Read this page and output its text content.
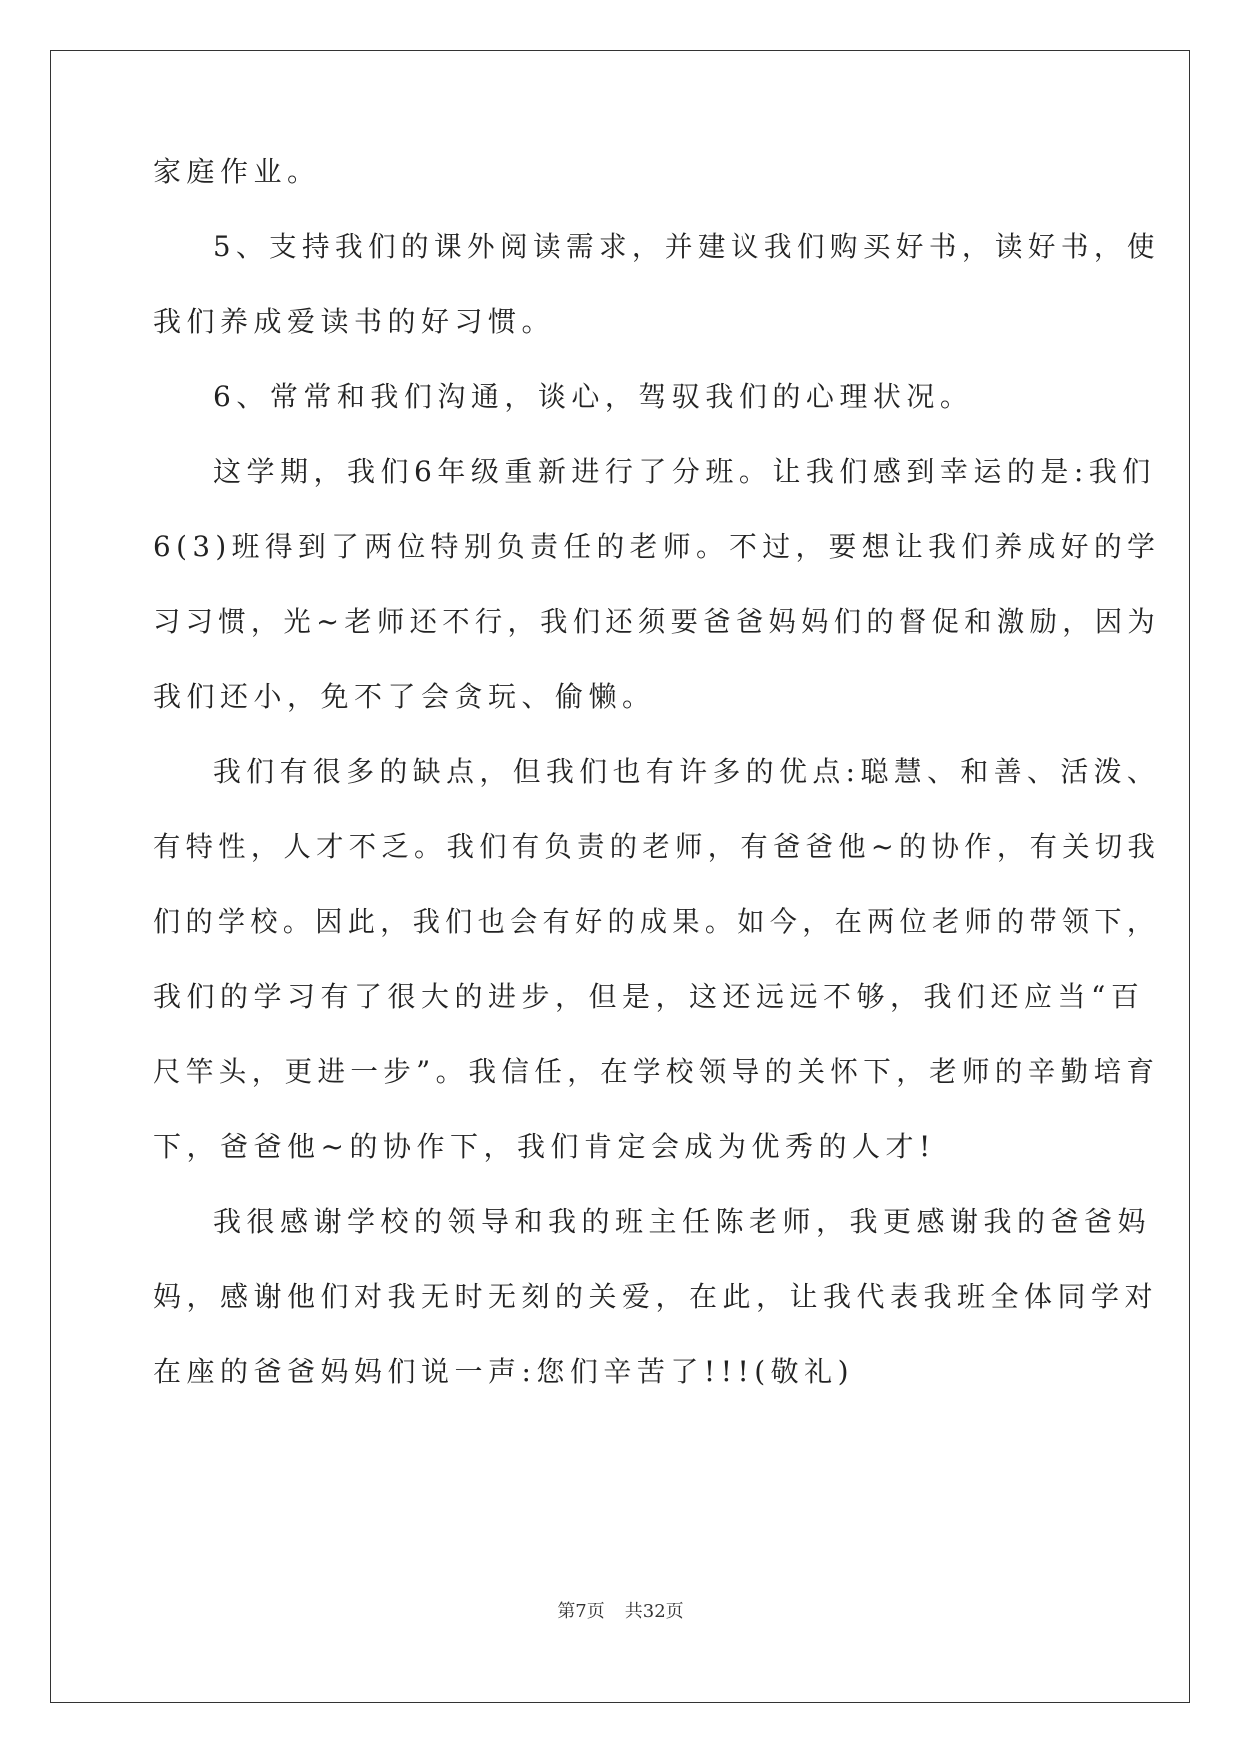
家庭作业。
5、支持我们的课外阅读需求，并建议我们购买好书，读好书，使
我们养成爱读书的好习惯。
6、常常和我们沟通，谈心，驾驭我们的心理状况。
这学期，我们6年级重新进行了分班。让我们感到幸运的是:我们
6(3)班得到了两位特别负责任的老师。不过，要想让我们养成好的学
习习惯，光~老师还不行，我们还须要爸爸妈妈们的督促和激励，因为
我们还小，免不了会贪玩、偷懒。
我们有很多的缺点，但我们也有许多的优点:聪慧、和善、活泼、
有特性，人才不乏。我们有负责的老师，有爸爸他~的协作，有关切我
们的学校。因此，我们也会有好的成果。如今，在两位老师的带领下，
我们的学习有了很大的进步，但是，这还远远不够，我们还应当“百
尺竿头，更进一步”。我信任，在学校领导的关怀下，老师的辛勤培育
下，爸爸他~的协作下，我们肯定会成为优秀的人才!
我很感谢学校的领导和我的班主任陈老师，我更感谢我的爸爸妈
妈，感谢他们对我无时无刻的关爱，在此，让我代表我班全体同学对
在座的爸爸妈妈们说一声:您们辛苦了!!!(敬礼)
第7页 共32页
